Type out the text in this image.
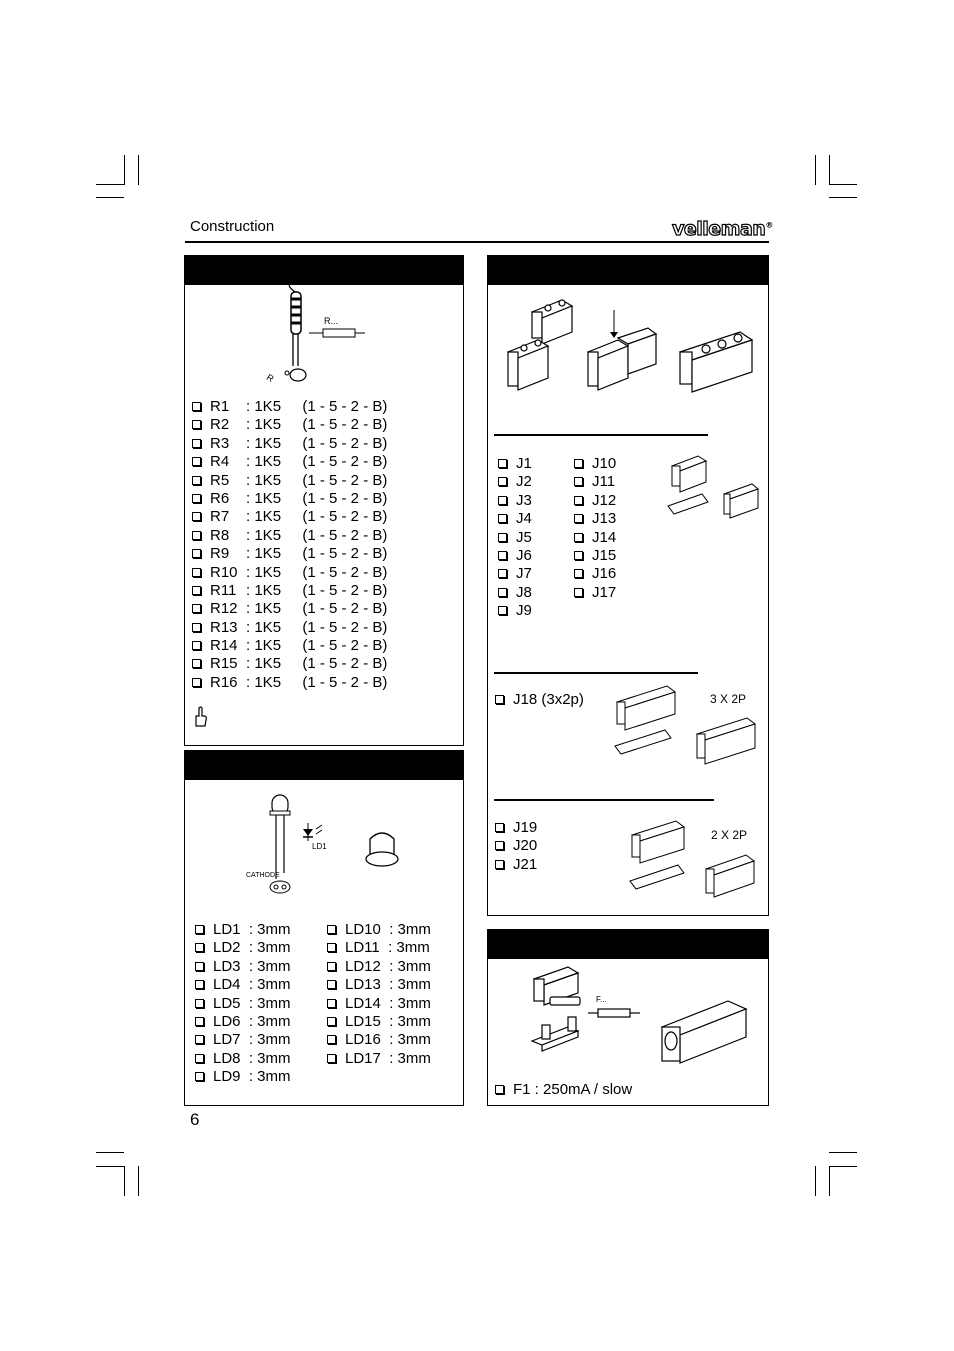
Construction	velleman®
R...
R
R1 : 1K5 (1 - 5 - 2 - B)
R2 : 1K5 (1 - 5 - 2 - B)
R3 : 1K5 (1 - 5 - 2 - B)
R4 : 1K5 (1 - 5 - 2 - B)
R5 : 1K5 (1 - 5 - 2 - B)
R6 : 1K5 (1 - 5 - 2 - B)
R7 : 1K5 (1 - 5 - 2 - B)
R8 : 1K5 (1 - 5 - 2 - B)
R9 : 1K5 (1 - 5 - 2 - B)
R10 : 1K5 (1 - 5 - 2 - B)
R11 : 1K5 (1 - 5 - 2 - B)
R12 : 1K5 (1 - 5 - 2 - B)
R13 : 1K5 (1 - 5 - 2 - B)
R14 : 1K5 (1 - 5 - 2 - B)
R15 : 1K5 (1 - 5 - 2 - B)
R16 : 1K5 (1 - 5 - 2 - B)
LD1
CATHODE
LD1  : 3mm
LD2  : 3mm
LD3  : 3mm
LD4  : 3mm
LD5  : 3mm
LD6  : 3mm
LD7  : 3mm
LD8  : 3mm
LD9  : 3mm
LD10  : 3mm
LD11  : 3mm
LD12  : 3mm
LD13  : 3mm
LD14  : 3mm
LD15  : 3mm
LD16  : 3mm
LD17  : 3mm
J1
J2
J3
J4
J5
J6
J7
J8
J9
J10
J11
J12
J13
J14
J15
J16
J17
J18 (3x2p)	3 X 2P
J19
J20
J21
2 X 2P
F...
F1 : 250mA / slow
6
